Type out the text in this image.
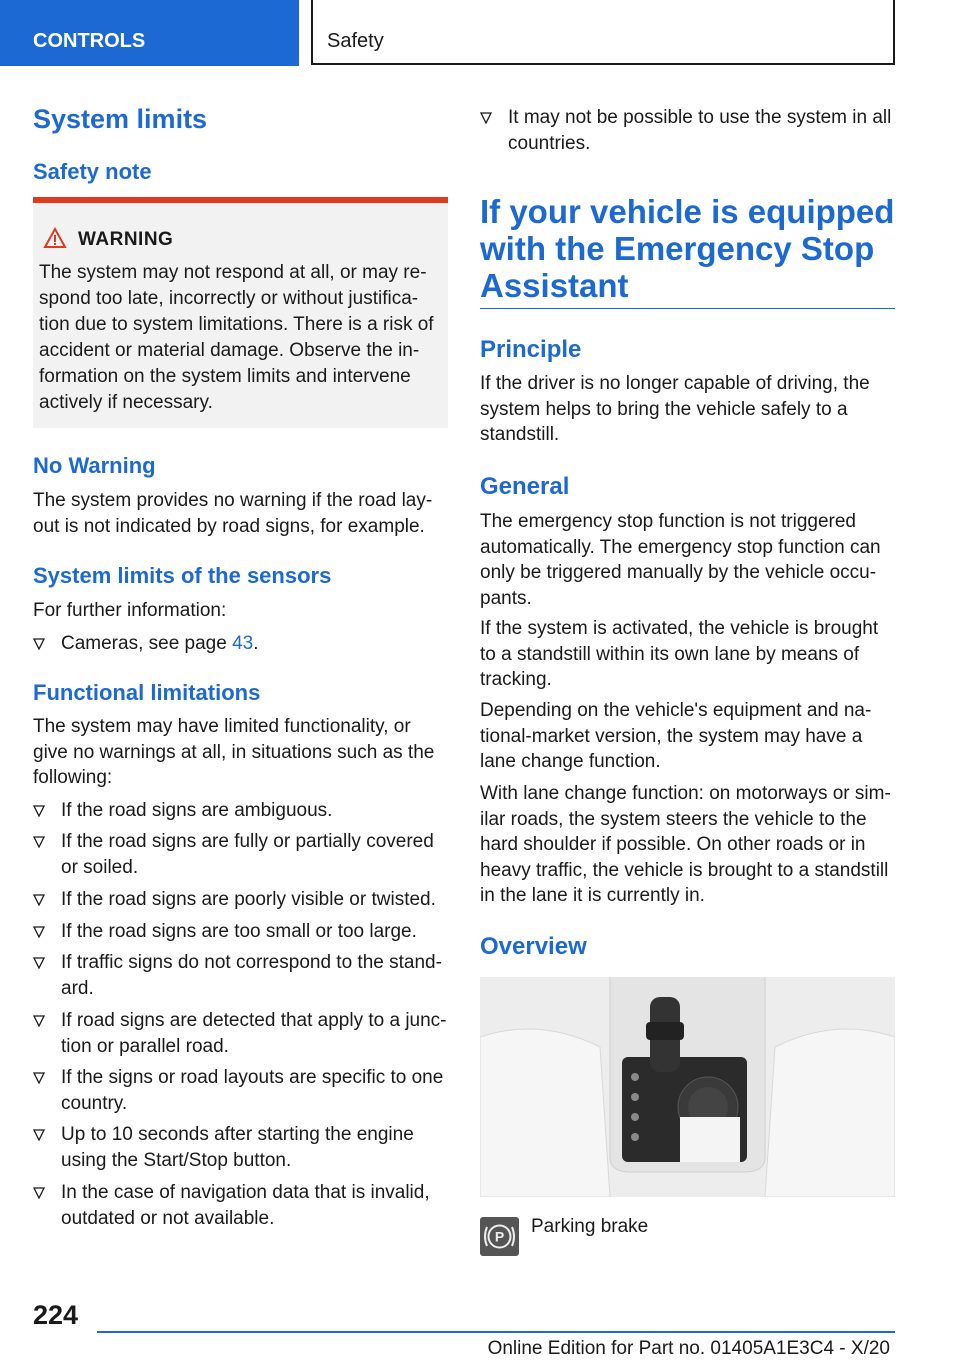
CONTROLS	Safety
System limits
Safety note
WARNING
The system may not respond at all, or may re-spond too late, incorrectly or without justifica-tion due to system limitations. There is a risk of accident or material damage. Observe the in-formation on the system limits and intervene actively if necessary.
No Warning

The system provides no warning if the road lay-out is not indicated by road signs, for example.

System limits of the sensors

For further information:

Cameras, see page 43.
Functional limitations

The system may have limited functionality, or give no warnings at all, in situations such as the following:

If the road signs are ambiguous.
If the road signs are fully or partially covered or soiled.
If the road signs are poorly visible or twisted.
If the road signs are too small or too large.
If traffic signs do not correspond to the stand-ard.
If road signs are detected that apply to a junc-tion or parallel road.
If the signs or road layouts are specific to one country.
Up to 10 seconds after starting the engine using the Start/Stop button.
In the case of navigation data that is invalid, outdated or not available.
It may not be possible to use the system in all countries.
If your vehicle is equipped with the Emergency Stop Assistant
Principle

If the driver is no longer capable of driving, the system helps to bring the vehicle safely to a standstill.

General

The emergency stop function is not triggered automatically. The emergency stop function can only be triggered manually by the vehicle occu-pants.

If the system is activated, the vehicle is brought to a standstill within its own lane by means of tracking.

Depending on the vehicle's equipment and na-tional-market version, the system may have a lane change function.

With lane change function: on motorways or sim-ilar roads, the system steers the vehicle to the hard shoulder if possible. On other roads or in heavy traffic, the vehicle is brought to a standstill in the lane it is currently in.

Overview
P Parking brake
224
Online Edition for Part no. 01405A1E3C4 - X/20
